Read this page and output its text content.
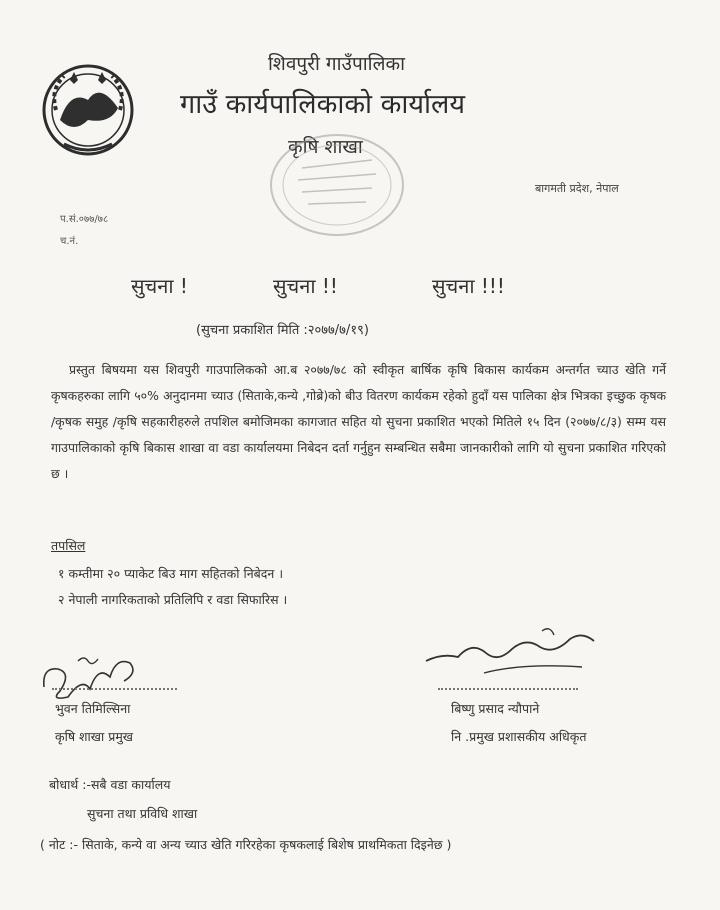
शिवपुरी गाउँपालिका
गाउँ कार्यपालिकाको कार्यालय
कृषि शाखा
बागमती प्रदेश, नेपाल
प.सं.०७७/७८
च.नं.
सुचना !	सुचना !!	सुचना !!!
(सुचना प्रकाशित मिति :२०७७/७/१९)
प्रस्तुत बिषयमा यस शिवपुरी गाउपालिकको आ.ब २०७७/७८ को स्वीकृत बार्षिक कृषि बिकास कार्यकम अन्तर्गत च्याउ खेति गर्ने कृषकहरुका लागि ५०% अनुदानमा च्याउ (सिताके,कन्ये ,गोब्रे)को बीउ वितरण कार्यकम रहेको हुदाँ यस पालिका क्षेत्र भित्रका इच्छुक कृषक /कृषक समुह /कृषि सहकारीहरुले तपशिल बमोजिमका कागजात सहित यो सुचना प्रकाशित भएको मितिले १५ दिन (२०७७/८/३) सम्म यस गाउपालिकाको कृषि बिकास शाखा वा वडा कार्यालयमा निबेदन दर्ता गर्नुहुन सम्बन्धित सबैमा जानकारीको लागि यो सुचना प्रकाशित गरिएको छ ।
तपसिल
१ कम्तीमा २० प्याकेट बिउ माग सहितको निबेदन ।
२ नेपाली नागरिकताको प्रतिलिपि र वडा सिफारिस ।
भुवन तिमिल्सिना
कृषि शाखा प्रमुख
बिष्णु प्रसाद न्यौपाने
नि .प्रमुख प्रशासकीय अधिकृत
बोधार्थ :-सबै वडा कार्यालय
सुचना तथा प्रविधि शाखा
( नोट :- सिताके, कन्ये वा अन्य च्याउ खेति गरिरहेका कृषकलाई बिशेष प्राथमिकता दिइनेछ )
